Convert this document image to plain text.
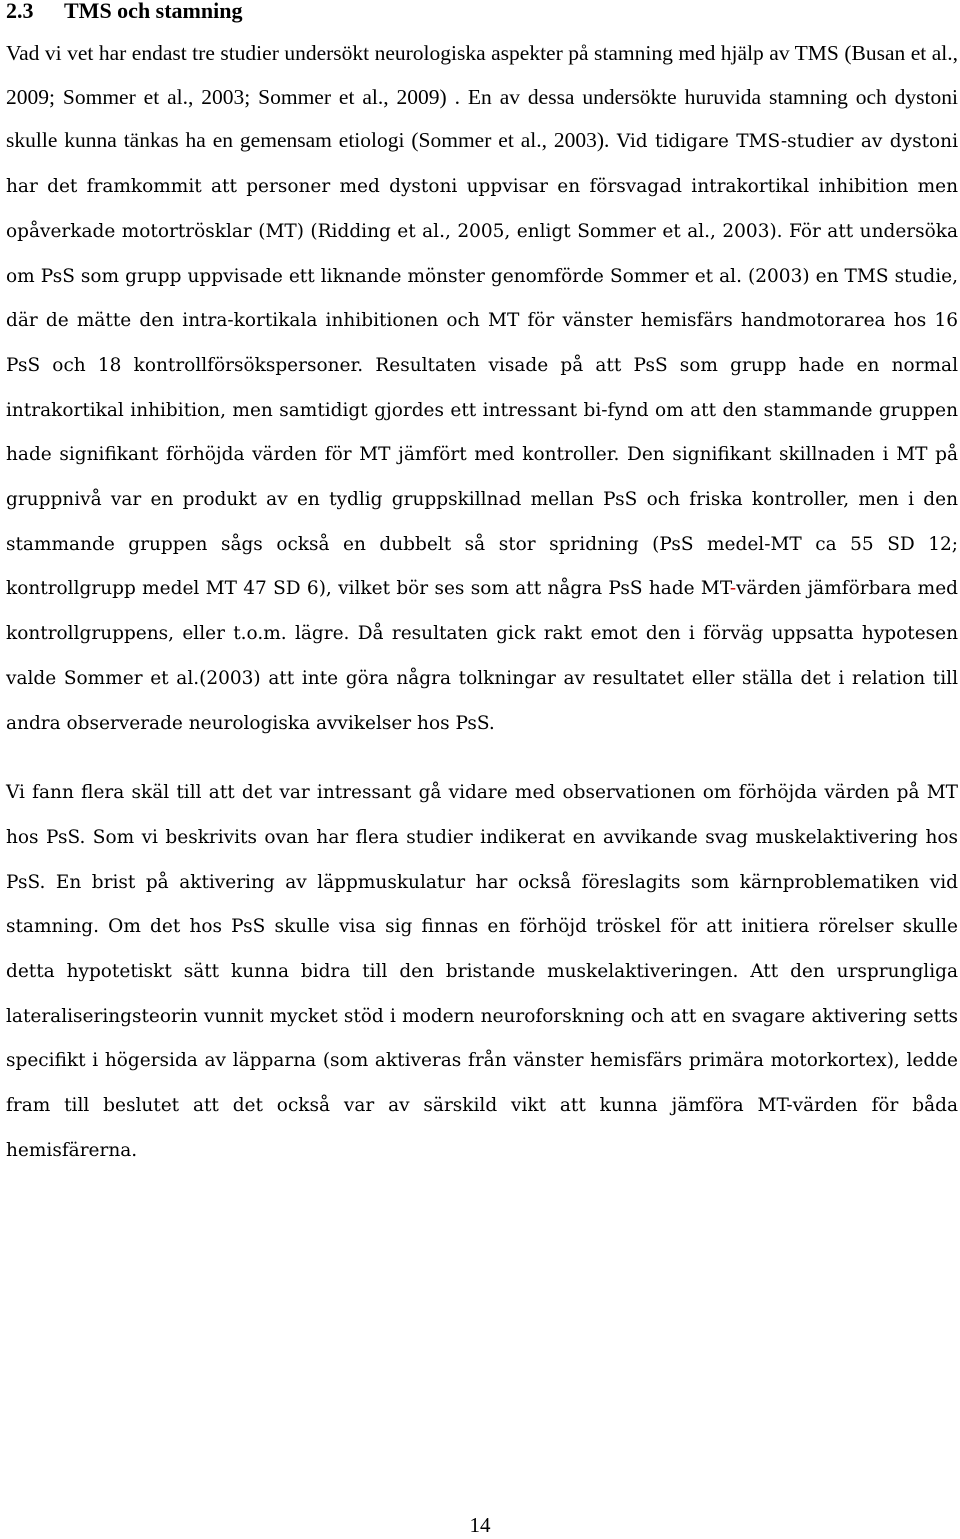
2.3 TMS och stamning

Vad vi vet har endast tre studier undersökt neurologiska aspekter på stamning med hjälp av TMS (Busan et al., 2009; Sommer et al., 2003; Sommer et al., 2009) . En av dessa undersökte huruvida stamning och dystoni skulle kunna tänkas ha en gemensam etiologi (Sommer et al., 2003). Vid tidigare TMS-studier av dystoni har det framkommit att personer med dystoni uppvisar en försvagad intrakortikal inhibition men opåverkade motortrösklar (MT) (Ridding et al., 2005, enligt Sommer et al., 2003). För att undersöka om PsS som grupp uppvisade ett liknande mönster genomförde Sommer et al. (2003) en TMS studie, där de mätte den intra-kortikala inhibitionen och MT för vänster hemisfärs handmotorarea hos 16 PsS och 18 kontrollförsökspersoner. Resultaten visade på att PsS som grupp hade en normal intrakortikal inhibition, men samtidigt gjordes ett intressant bi-fynd om att den stammande gruppen hade signifikant förhöjda värden för MT jämfört med kontroller. Den signifikant skillnaden i MT på gruppnivå var en produkt av en tydlig gruppskillnad mellan PsS och friska kontroller, men i den stammande gruppen sågs också en dubbelt så stor spridning (PsS medel-MT ca 55 SD 12; kontrollgrupp medel MT 47 SD 6), vilket bör ses som att några PsS hade MT-värden jämförbara med kontrollgruppens, eller t.o.m. lägre. Då resultaten gick rakt emot den i förväg uppsatta hypotesen valde Sommer et al.(2003) att inte göra några tolkningar av resultatet eller ställa det i relation till andra observerade neurologiska avvikelser hos PsS.

Vi fann flera skäl till att det var intressant gå vidare med observationen om förhöjda värden på MT hos PsS. Som vi beskrivits ovan har flera studier indikerat en avvikande svag muskelaktivering hos PsS. En brist på aktivering av läppmuskulatur har också föreslagits som kärnproblematiken vid stamning. Om det hos PsS skulle visa sig finnas en förhöjd tröskel för att initiera rörelser skulle detta hypotetiskt sätt kunna bidra till den bristande muskelaktiveringen. Att den ursprungliga lateraliseringsteorin vunnit mycket stöd i modern neuroforskning och att en svagare aktivering setts specifikt i högersida av läpparna (som aktiveras från vänster hemisfärs primära motorkortex), ledde fram till beslutet att det också var av särskild vikt att kunna jämföra MT-värden för båda hemisfärerna.

14
